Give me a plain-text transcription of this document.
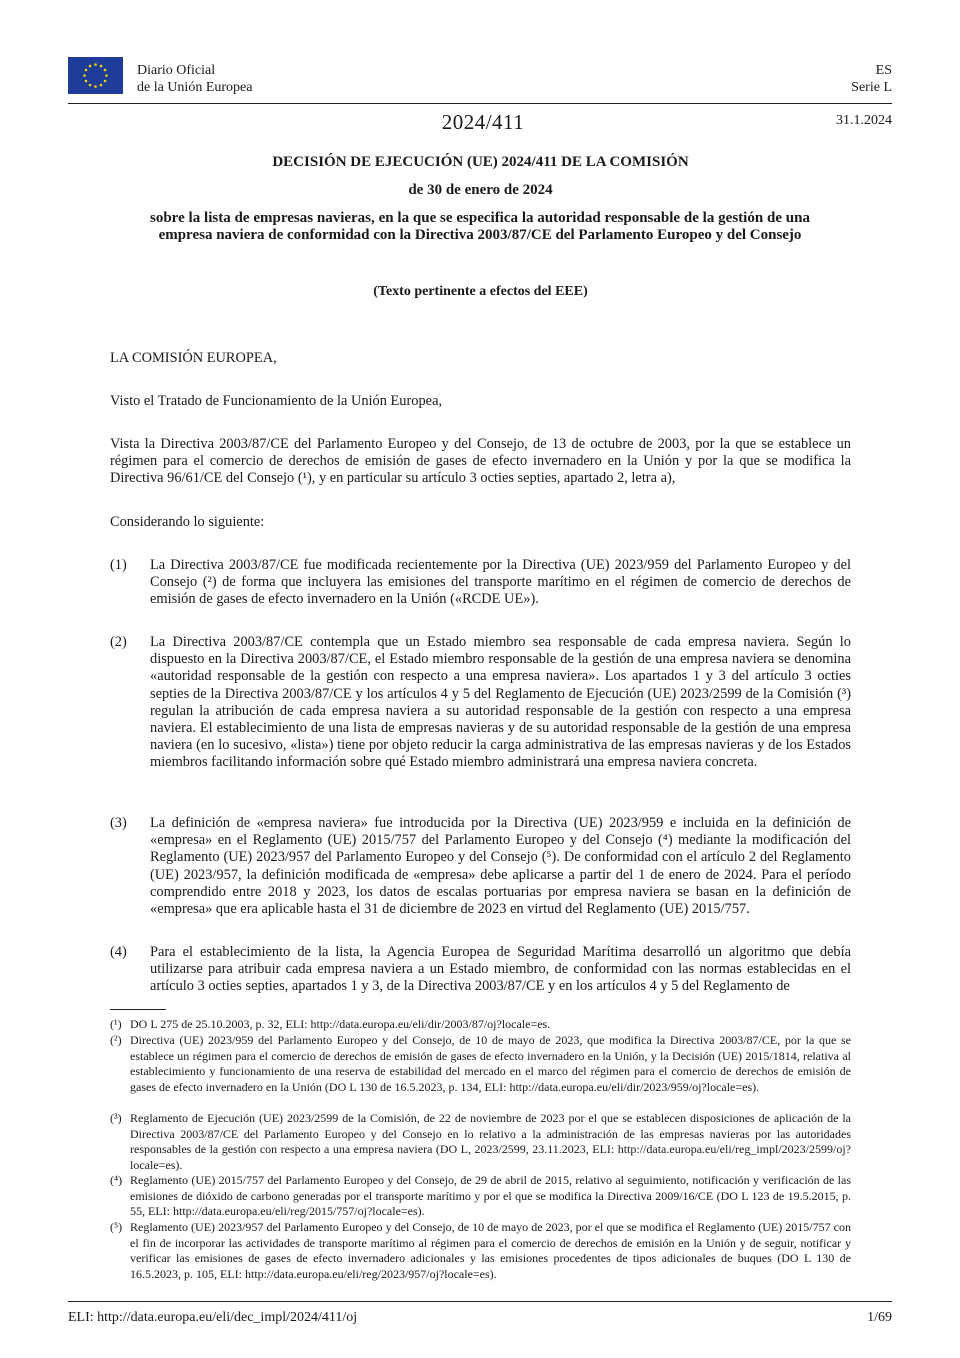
Diario Oficial
de la Unión Europea
ES
Serie L
2024/411	31.1.2024
DECISIÓN DE EJECUCIÓN (UE) 2024/411 DE LA COMISIÓN
de 30 de enero de 2024
sobre la lista de empresas navieras, en la que se especifica la autoridad responsable de la gestión de una empresa naviera de conformidad con la Directiva 2003/87/CE del Parlamento Europeo y del Consejo
(Texto pertinente a efectos del EEE)
LA COMISIÓN EUROPEA,
Visto el Tratado de Funcionamiento de la Unión Europea,
Vista la Directiva 2003/87/CE del Parlamento Europeo y del Consejo, de 13 de octubre de 2003, por la que se establece un régimen para el comercio de derechos de emisión de gases de efecto invernadero en la Unión y por la que se modifica la Directiva 96/61/CE del Consejo (¹), y en particular su artículo 3 octies septies, apartado 2, letra a),
Considerando lo siguiente:
(1) La Directiva 2003/87/CE fue modificada recientemente por la Directiva (UE) 2023/959 del Parlamento Europeo y del Consejo (²) de forma que incluyera las emisiones del transporte marítimo en el régimen de comercio de derechos de emisión de gases de efecto invernadero en la Unión («RCDE UE»).
(2) La Directiva 2003/87/CE contempla que un Estado miembro sea responsable de cada empresa naviera. Según lo dispuesto en la Directiva 2003/87/CE, el Estado miembro responsable de la gestión de una empresa naviera se denomina «autoridad responsable de la gestión con respecto a una empresa naviera». Los apartados 1 y 3 del artículo 3 octies septies de la Directiva 2003/87/CE y los artículos 4 y 5 del Reglamento de Ejecución (UE) 2023/2599 de la Comisión (³) regulan la atribución de cada empresa naviera a su autoridad responsable de la gestión con respecto a una empresa naviera. El establecimiento de una lista de empresas navieras y de su autoridad responsable de la gestión de una empresa naviera (en lo sucesivo, «lista») tiene por objeto reducir la carga administrativa de las empresas navieras y de los Estados miembros facilitando información sobre qué Estado miembro administrará una empresa naviera concreta.
(3) La definición de «empresa naviera» fue introducida por la Directiva (UE) 2023/959 e incluida en la definición de «empresa» en el Reglamento (UE) 2015/757 del Parlamento Europeo y del Consejo (⁴) mediante la modificación del Reglamento (UE) 2023/957 del Parlamento Europeo y del Consejo (⁵). De conformidad con el artículo 2 del Reglamento (UE) 2023/957, la definición modificada de «empresa» debe aplicarse a partir del 1 de enero de 2024. Para el período comprendido entre 2018 y 2023, los datos de escalas portuarias por empresa naviera se basan en la definición de «empresa» que era aplicable hasta el 31 de diciembre de 2023 en virtud del Reglamento (UE) 2015/757.
(4) Para el establecimiento de la lista, la Agencia Europea de Seguridad Marítima desarrolló un algoritmo que debía utilizarse para atribuir cada empresa naviera a un Estado miembro, de conformidad con las normas establecidas en el artículo 3 octies septies, apartados 1 y 3, de la Directiva 2003/87/CE y en los artículos 4 y 5 del Reglamento de
(¹) DO L 275 de 25.10.2003, p. 32, ELI: http://data.europa.eu/eli/dir/2003/87/oj?locale=es.
(²) Directiva (UE) 2023/959 del Parlamento Europeo y del Consejo, de 10 de mayo de 2023, que modifica la Directiva 2003/87/CE, por la que se establece un régimen para el comercio de derechos de emisión de gases de efecto invernadero en la Unión, y la Decisión (UE) 2015/1814, relativa al establecimiento y funcionamiento de una reserva de estabilidad del mercado en el marco del régimen para el comercio de derechos de emisión de gases de efecto invernadero en la Unión (DO L 130 de 16.5.2023, p. 134, ELI: http://data.europa.eu/eli/dir/2023/959/oj?locale=es).
(³) Reglamento de Ejecución (UE) 2023/2599 de la Comisión, de 22 de noviembre de 2023 por el que se establecen disposiciones de aplicación de la Directiva 2003/87/CE del Parlamento Europeo y del Consejo en lo relativo a la administración de las empresas navieras por las autoridades responsables de la gestión con respecto a una empresa naviera (DO L, 2023/2599, 23.11.2023, ELI: http://data.europa.eu/eli/reg_impl/2023/2599/oj?locale=es).
(⁴) Reglamento (UE) 2015/757 del Parlamento Europeo y del Consejo, de 29 de abril de 2015, relativo al seguimiento, notificación y verificación de las emisiones de dióxido de carbono generadas por el transporte marítimo y por el que se modifica la Directiva 2009/16/CE (DO L 123 de 19.5.2015, p. 55, ELI: http://data.europa.eu/eli/reg/2015/757/oj?locale=es).
(⁵) Reglamento (UE) 2023/957 del Parlamento Europeo y del Consejo, de 10 de mayo de 2023, por el que se modifica el Reglamento (UE) 2015/757 con el fin de incorporar las actividades de transporte marítimo al régimen para el comercio de derechos de emisión en la Unión y de seguir, notificar y verificar las emisiones de gases de efecto invernadero adicionales y las emisiones procedentes de tipos adicionales de buques (DO L 130 de 16.5.2023, p. 105, ELI: http://data.europa.eu/eli/reg/2023/957/oj?locale=es).
ELI: http://data.europa.eu/eli/dec_impl/2024/411/oj	1/69
